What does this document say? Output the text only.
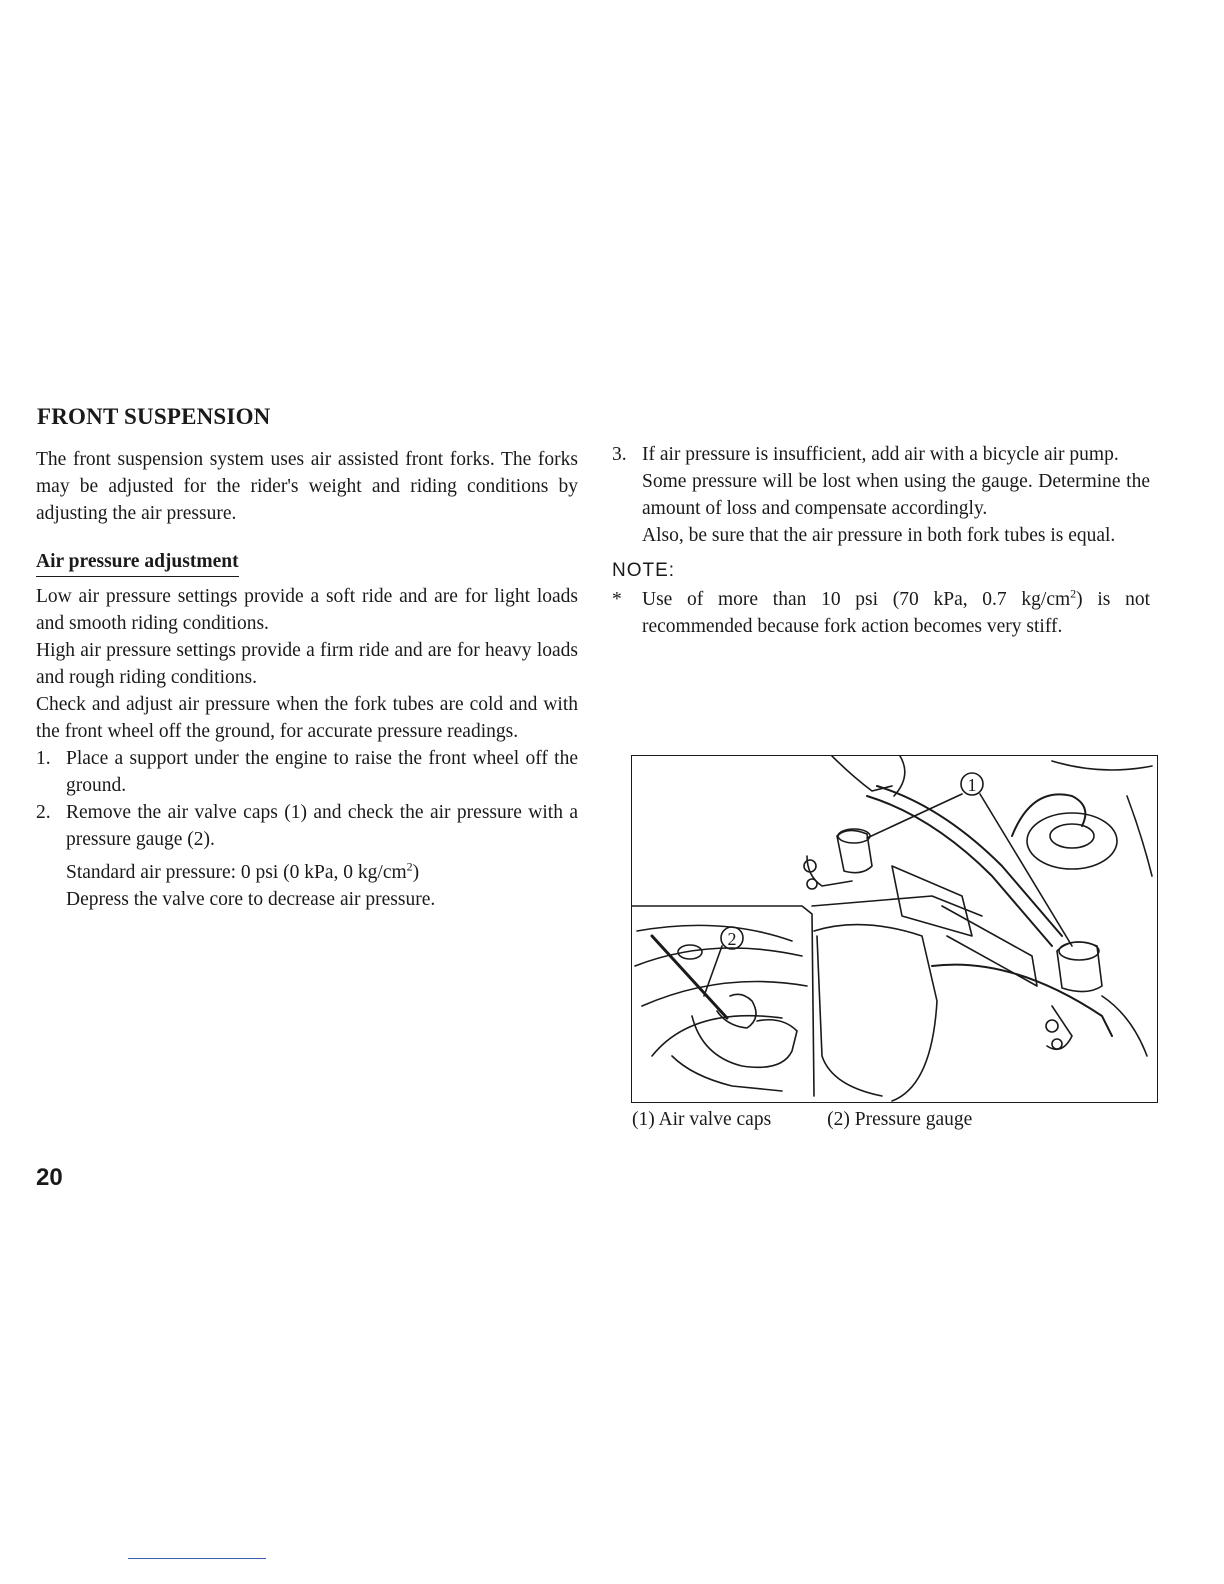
FRONT SUSPENSION

The front suspension system uses air assisted front forks. The forks may be adjusted for the rider's weight and riding conditions by adjusting the air pressure.

Air pressure adjustment

Low air pressure settings provide a soft ride and are for light loads and smooth riding conditions.

High air pressure settings provide a firm ride and are for heavy loads and rough riding conditions.

Check and adjust air pressure when the fork tubes are cold and with the front wheel off the ground, for accurate pressure readings.

1. Place a support under the engine to raise the front wheel off the ground.
2. Remove the air valve caps (1) and check the air pressure with a pressure gauge (2).
Standard air pressure: 0 psi (0 kPa, 0 $kg/cm^2$)
Depress the valve core to decrease air pressure.
3. If air pressure is insufficient, add air with a bicycle air pump.

Some pressure will be lost when using the gauge. Determine the amount of loss and compensate accordingly.

Also, be sure that the air pressure in both fork tubes is equal.

NOTE:
*	Use of more than 10 psi (70 kPa, 0.7 $kg/cm^2$) is not recommended because fork action becomes very stiff.
2
1
(1) Air valve caps	(2) Pressure gauge
20
